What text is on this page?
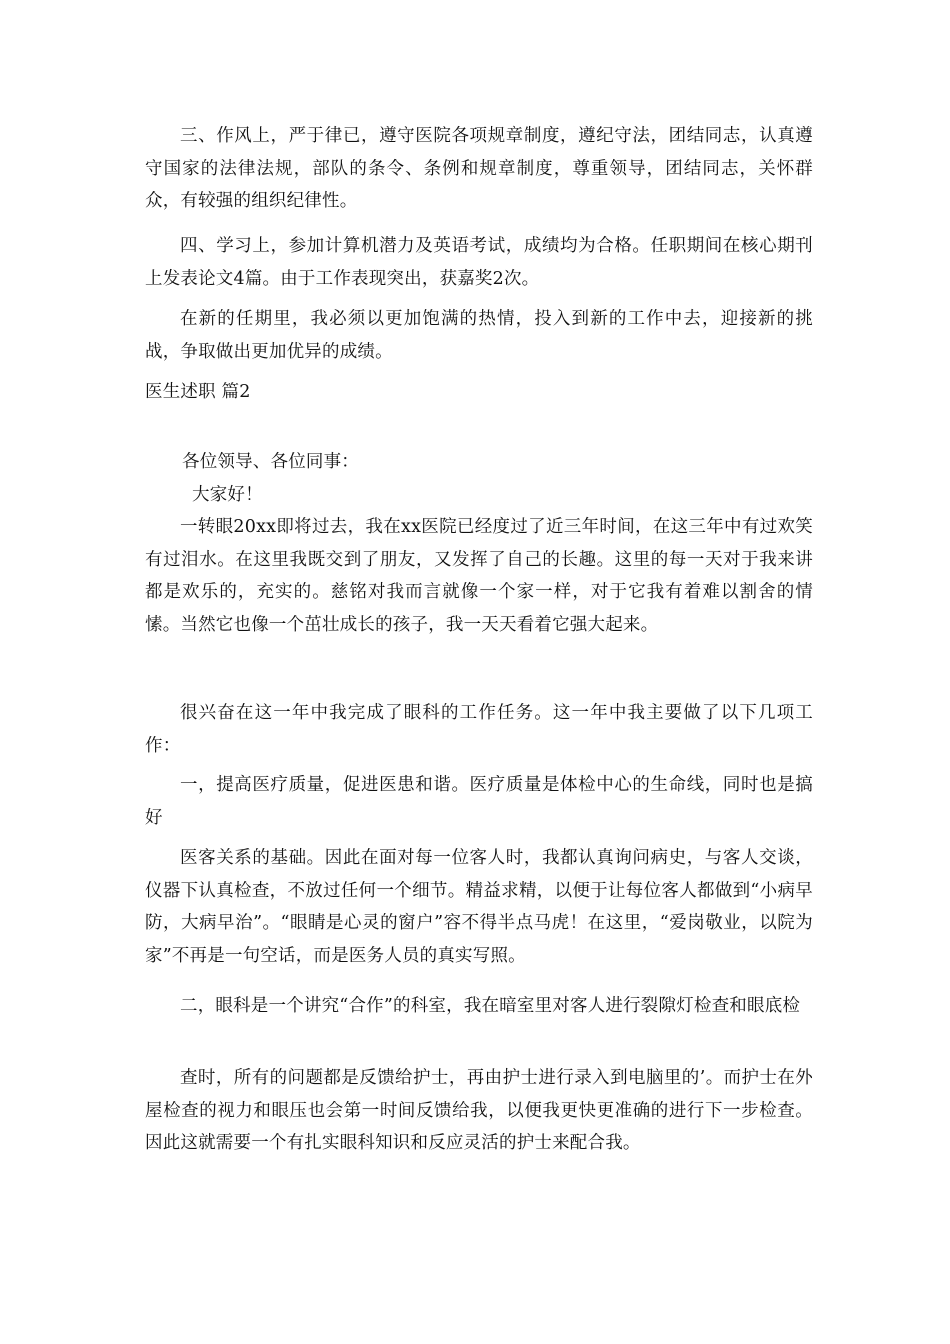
三、作风上，严于律已，遵守医院各项规章制度，遵纪守法，团结同志，认真遵守国家的法律法规，部队的条令、条例和规章制度，尊重领导，团结同志，关怀群众，有较强的组织纪律性。

四、学习上，参加计算机潜力及英语考试，成绩均为合格。任职期间在核心期刊上发表论文4篇。由于工作表现突出，获嘉奖2次。

在新的任期里，我必须以更加饱满的热情，投入到新的工作中去，迎接新的挑战，争取做出更加优异的成绩。

医生述职 篇2

各位领导、各位同事：

大家好！

一转眼20xx即将过去，我在xx医院已经度过了近三年时间，在这三年中有过欢笑有过泪水。在这里我既交到了朋友，又发挥了自己的长趣。这里的每一天对于我来讲都是欢乐的，充实的。慈铭对我而言就像一个家一样，对于它我有着难以割舍的情愫。当然它也像一个茁壮成长的孩子，我一天天看着它强大起来。

很兴奋在这一年中我完成了眼科的工作任务。这一年中我主要做了以下几项工作：

一，提高医疗质量，促进医患和谐。医疗质量是体检中心的生命线，同时也是搞好

医客关系的基础。因此在面对每一位客人时，我都认真询问病史，与客人交谈，仪器下认真检查，不放过任何一个细节。精益求精，以便于让每位客人都做到“小病早防，大病早治”。“眼睛是心灵的窗户”容不得半点马虎！在这里，“爱岗敬业，以院为家”不再是一句空话，而是医务人员的真实写照。

二，眼科是一个讲究“合作”的科室，我在暗室里对客人进行裂隙灯检查和眼底检

查时，所有的问题都是反馈给护士，再由护士进行录入到电脑里的’。而护士在外屋检查的视力和眼压也会第一时间反馈给我，以便我更快更准确的进行下一步检查。因此这就需要一个有扎实眼科知识和反应灵活的护士来配合我。
